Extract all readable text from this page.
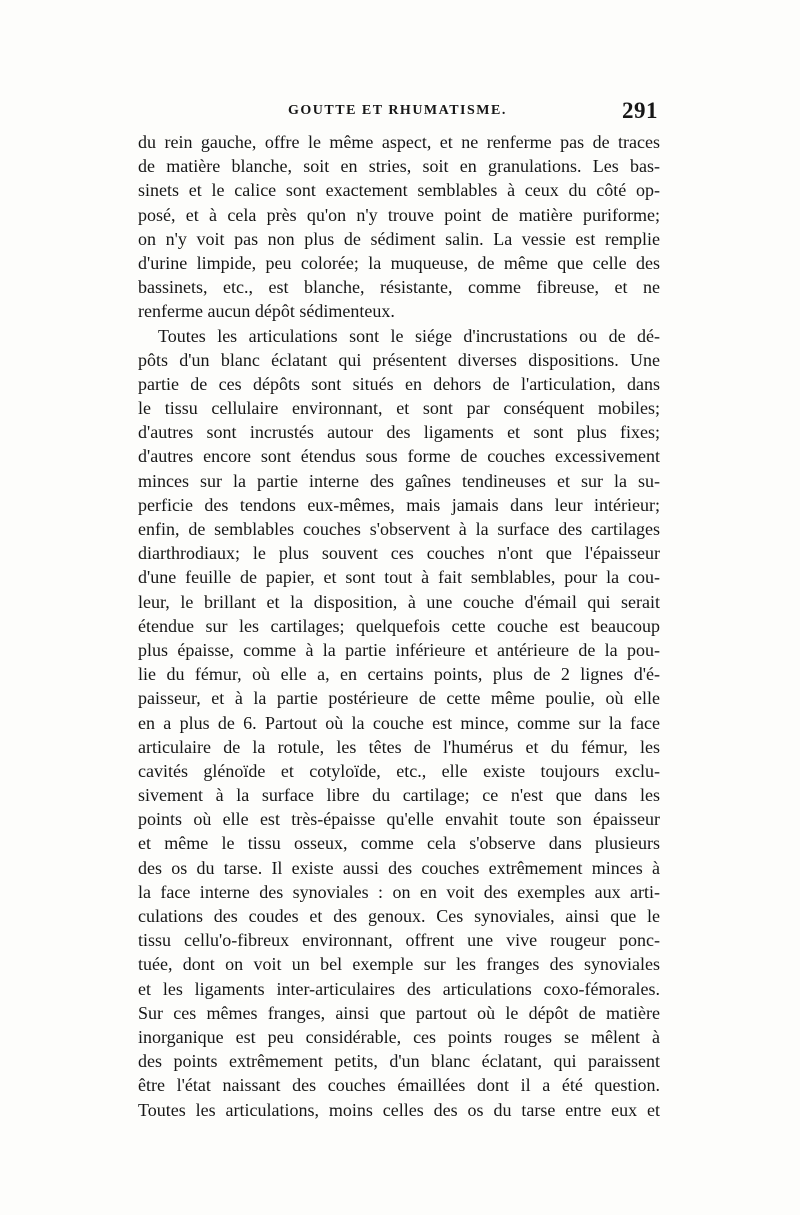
GOUTTE ET RHUMATISME.	291
du rein gauche, offre le même aspect, et ne renferme pas de traces
de matière blanche, soit en stries, soit en granulations. Les bas-
sinets et le calice sont exactement semblables à ceux du côté op-
posé, et à cela près qu'on n'y trouve point de matière puriforme;
on n'y voit pas non plus de sédiment salin. La vessie est remplie
d'urine limpide, peu colorée; la muqueuse, de même que celle des
bassinets, etc., est blanche, résistante, comme fibreuse, et ne
renferme aucun dépôt sédimenteux.
Toutes les articulations sont le siége d'incrustations ou de dé-
pôts d'un blanc éclatant qui présentent diverses dispositions. Une
partie de ces dépôts sont situés en dehors de l'articulation, dans
le tissu cellulaire environnant, et sont par conséquent mobiles;
d'autres sont incrustés autour des ligaments et sont plus fixes;
d'autres encore sont étendus sous forme de couches excessivement
minces sur la partie interne des gaînes tendineuses et sur la su-
perficie des tendons eux-mêmes, mais jamais dans leur intérieur;
enfin, de semblables couches s'observent à la surface des cartilages
diarthrodiaux; le plus souvent ces couches n'ont que l'épaisseur
d'une feuille de papier, et sont tout à fait semblables, pour la cou-
leur, le brillant et la disposition, à une couche d'émail qui serait
étendue sur les cartilages; quelquefois cette couche est beaucoup
plus épaisse, comme à la partie inférieure et antérieure de la pou-
lie du fémur, où elle a, en certains points, plus de 2 lignes d'é-
paisseur, et à la partie postérieure de cette même poulie, où elle
en a plus de 6. Partout où la couche est mince, comme sur la face
articulaire de la rotule, les têtes de l'humérus et du fémur, les
cavités glénoïde et cotyloïde, etc., elle existe toujours exclu-
sivement à la surface libre du cartilage; ce n'est que dans les
points où elle est très-épaisse qu'elle envahit toute son épaisseur
et même le tissu osseux, comme cela s'observe dans plusieurs
des os du tarse. Il existe aussi des couches extrêmement minces à
la face interne des synoviales : on en voit des exemples aux arti-
culations des coudes et des genoux. Ces synoviales, ainsi que le
tissu cellu'o-fibreux environnant, offrent une vive rougeur ponc-
tuée, dont on voit un bel exemple sur les franges des synoviales
et les ligaments inter-articulaires des articulations coxo-fémorales.
Sur ces mêmes franges, ainsi que partout où le dépôt de matière
inorganique est peu considérable, ces points rouges se mêlent à
des points extrêmement petits, d'un blanc éclatant, qui paraissent
être l'état naissant des couches émaillées dont il a été question.
Toutes les articulations, moins celles des os du tarse entre eux et
